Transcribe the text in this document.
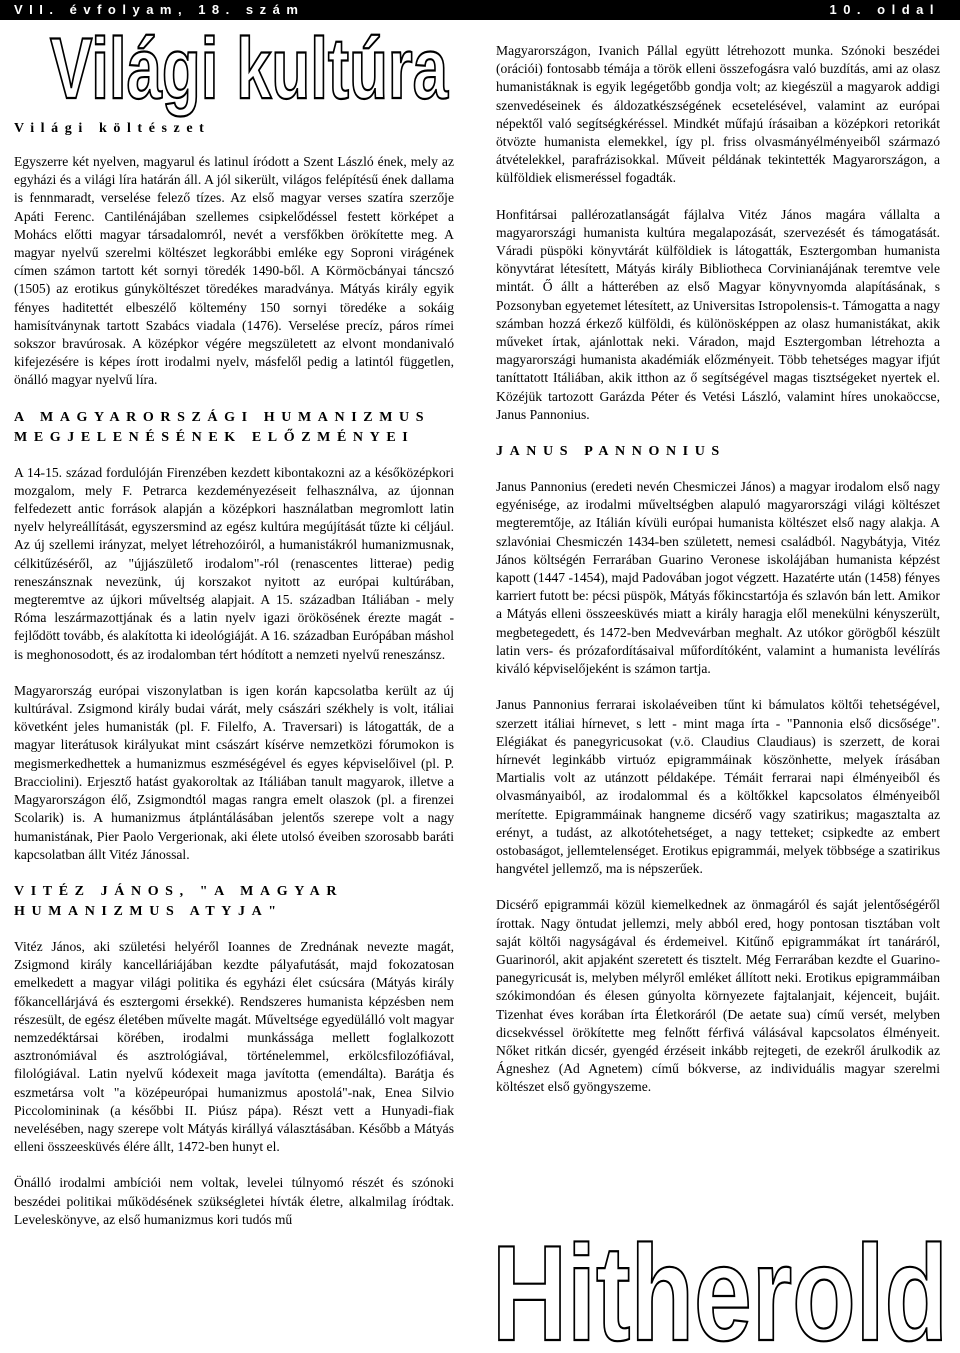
VII. évfolyam, 18. szám	10. oldal
Világi kultúra
Világi költészet

Egyszerre két nyelven, magyarul és latinul íródott a Szent László ének, mely az egyházi és a világi líra határán áll. A jól sikerült, világos felépítésű ének dallama is fennmaradt, verselése felező tízes. Az első magyar verses szatíra szerzője Apáti Ferenc. Cantilénájában szellemes csipkelődéssel festett körképet a Mohács előtti magyar társadalomról, nevét a versfőkben örökítette meg. A magyar nyelvű szerelmi költészet legkorábbi emléke egy Soproni virágének címen számon tartott két sornyi töredék 1490-ből. A Körmöcbányai táncszó (1505) az erotikus gúnyköltészet töredékes maradványa. Mátyás király egyik fényes haditettét elbeszélő költemény 150 sornyi töredéke a sokáig hamisítványnak tartott Szabács viadala (1476). Verselése precíz, páros rímei sokszor bravúrosak. A középkor végére megszületett az elvont mondanivaló kifejezésére is képes írott irodalmi nyelv, másfelől pedig a latintól független, önálló magyar nyelvű líra.

A MAGYARORSZÁGI HUMANIZMUS MEGJELENÉSÉNEK ELŐZMÉNYEI

A 14-15. század fordulóján Firenzében kezdett kibontakozni az a későközépkori mozgalom, mely F. Petrarca kezdeményezéseit felhasználva, az újonnan felfedezett antic források alapján a középkori használatban megromlott latin nyelv helyreállítását, egyszersmind az egész kultúra megújítását tűzte ki céljául. Az új szellemi irányzat, melyet létrehozóiról, a humanistákról humanizmusnak, célkitűzéséről, az "újjászülető irodalom"-ról (renascentes litterae) pedig reneszánsznak nevezünk, új korszakot nyitott az európai kultúrában, megteremtve az újkori műveltség alapjait. A 15. században Itáliában - mely Róma leszármazottjának és a latin nyelv igazi örökösének érezte magát - fejlődött tovább, és alakította ki ideológiáját. A 16. században Európában máshol is meghonosodott, és az irodalomban tért hódított a nemzeti nyelvű reneszánsz.

Magyarország európai viszonylatban is igen korán kapcsolatba került az új kultúrával. Zsigmond király budai várát, mely császári székhely is volt, itáliai követként jeles humanisták (pl. F. Filelfo, A. Traversari) is látogatták, de a magyar literátusok királyukat mint császárt kísérve nemzetközi fórumokon is megismerkedhettek a humanizmus eszméségével és egyes képviselőivel (pl. P. Bracciolini). Erjesztő hatást gyakoroltak az Itáliában tanult magyarok, illetve a Magyarországon élő, Zsigmondtól magas rangra emelt olaszok (pl. a firenzei Scolarik) is. A humanizmus átplántálásában jelentős szerepe volt a nagy humanistának, Pier Paolo Vergerionak, aki élete utolsó éveiben szorosabb baráti kapcsolatban állt Vitéz Jánossal.

VITÉZ JÁNOS, "A MAGYAR HUMANIZMUS ATYJA"

Vitéz János, aki születési helyéről Ioannes de Zrednának nevezte magát, Zsigmond király kancelláriájában kezdte pályafutását, majd fokozatosan emelkedett a magyar világi politika és egyházi élet csúcsára (Mátyás király főkancellárjává és esztergomi érsekké). Rendszeres humanista képzésben nem részesült, de egész életében művelte magát. Műveltsége egyedülálló volt magyar nemzedéktársai körében, irodalmi munkássága mellett foglalkozott asztronómiával és asztrológiával, történelemmel, erkölcsfilozófiával, filológiával. Latin nyelvű kódexeit maga javította (emendálta). Barátja és eszmetársa volt "a középeurópai humanizmus apostolá"-nak, Enea Silvio Piccolomininak (a későbbi II. Piúsz pápa). Részt vett a Hunyadi-fiak nevelésében, nagy szerepe volt Mátyás királlyá választásában. Később a Mátyás elleni összeesküvés élére állt, 1472-ben hunyt el.

Önálló irodalmi ambíciói nem voltak, levelei túlnyomó részét és szónoki beszédei politikai működésének szükségletei hívták életre, alkalmilag íródtak. Leveleskönyve, az első humanizmus kori tudós mű

Magyarországon, Ivanich Pállal együtt létrehozott munka. Szónoki beszédei (orációi) fontosabb témája a török elleni összefogásra való buzdítás, ami az olasz humanistáknak is egyik legégetőbb gondja volt; az kiegészül a magyarok addigi szenvedéseinek és áldozatkészségének ecsetelésével, valamint az európai népektől való segítségkéréssel. Mindkét műfajú írásaiban a középkori retorikát ötvözte humanista elemekkel, így pl. friss olvasmányélményeiből származó átvételekkel, parafrázisokkal. Műveit példának tekintették Magyarországon, a külföldiek elismeréssel fogadták.

Honfitársai pallérozatlanságát fájlalva Vitéz János magára vállalta a magyarországi humanista kultúra megalapozását, szervezését és támogatását. Váradi püspöki könyvtárát külföldiek is látogatták, Esztergomban humanista könyvtárat létesített, Mátyás király Bibliotheca Corvinianájának teremtve vele mintát. Ő állt a hátterében az első Magyar könyvnyomda alapításának, s Pozsonyban egyetemet létesített, az Universitas Istropolensis-t. Támogatta a nagy számban hozzá érkező külföldi, és különösképpen az olasz humanistákat, akik műveket írtak, ajánlottak neki. Váradon, majd Esztergomban létrehozta a magyarországi humanista akadémiák előzményeit. Több tehetséges magyar ifjút taníttatott Itáliában, akik itthon az ő segítségével magas tisztségeket nyertek el. Közéjük tartozott Garázda Péter és Vetési László, valamint híres unokaöccse, Janus Pannonius.

JANUS PANNONIUS

Janus Pannonius (eredeti nevén Chesmiczei János) a magyar irodalom első nagy egyénisége, az irodalmi műveltségben alapuló magyarországi világi költészet megteremtője, az Itálián kívüli európai humanista költészet első nagy alakja. A szlavóniai Chesmiczén 1434-ben született, nemesi családból. Nagybátyja, Vitéz János költségén Ferrarában Guarino Veronese iskolájában humanista képzést kapott (1447 -1454), majd Padovában jogot végzett. Hazatérte után (1458) fényes karriert futott be: pécsi püspök, Mátyás főkincstartója és szlavón bán lett. Amikor a Mátyás elleni összeesküvés miatt a király haragja elől menekülni kényszerült, megbetegedett, és 1472-ben Medvevárban meghalt. Az utókor görögből készült latin vers- és prózafordításaival műfordítóként, valamint a humanista levélírás kiváló képviselőjeként is számon tartja.

Janus Pannonius ferrarai iskolaéveiben tűnt ki bámulatos költői tehetségével, szerzett itáliai hírnevet, s lett - mint maga írta - "Pannonia első dicsősége". Elégiákat és panegyricusokat (v.ö. Claudius Claudiaus) is szerzett, de korai hírnevét leginkább virtuóz epigrammáinak köszönhette, melyek írásában Martialis volt az utánzott példaképe. Témáit ferrarai napi élményeiből és olvasmányaiból, az irodalommal és a költőkkel kapcsolatos élményeiből merítette. Epigrammáinak hangneme dicsérő vagy szatirikus; magasztalta az erényt, a tudást, az alkotótehetséget, a nagy tetteket; csipkedte az embert ostobaságot, jellemtelenséget. Erotikus epigrammái, melyek többsége a szatirikus hangvétel jellemző, ma is népszerűek.

Dicsérő epigrammái közül kiemelkednek az önmagáról és saját jelentőségéről írottak. Nagy öntudat jellemzi, mely abból ered, hogy pontosan tisztában volt saját költői nagyságával és érdemeivel. Kitűnő epigrammákat írt tanáráról, Guarinoról, akit apjaként szeretett és tisztelt. Még Ferrarában kezdte el Guarino-panegyricusát is, melyben mélyről emléket állított neki. Erotikus epigrammáiban szókimondóan és élesen gúnyolta környezete fajtalanjait, kéjenceit, bujáit. Tizenhat éves korában írta Életkoráról (De aetate sua) című versét, melyben dicsekvéssel örökítette meg felnőtt férfivá válásával kapcsolatos élményeit. Nőket ritkán dicsér, gyengéd érzéseit inkább rejtegeti, de ezekről árulkodik az Ágneshez (Ad Agnetem) című bókverse, az individuális magyar szerelmi költészet első gyöngyszeme.

Hitherold
